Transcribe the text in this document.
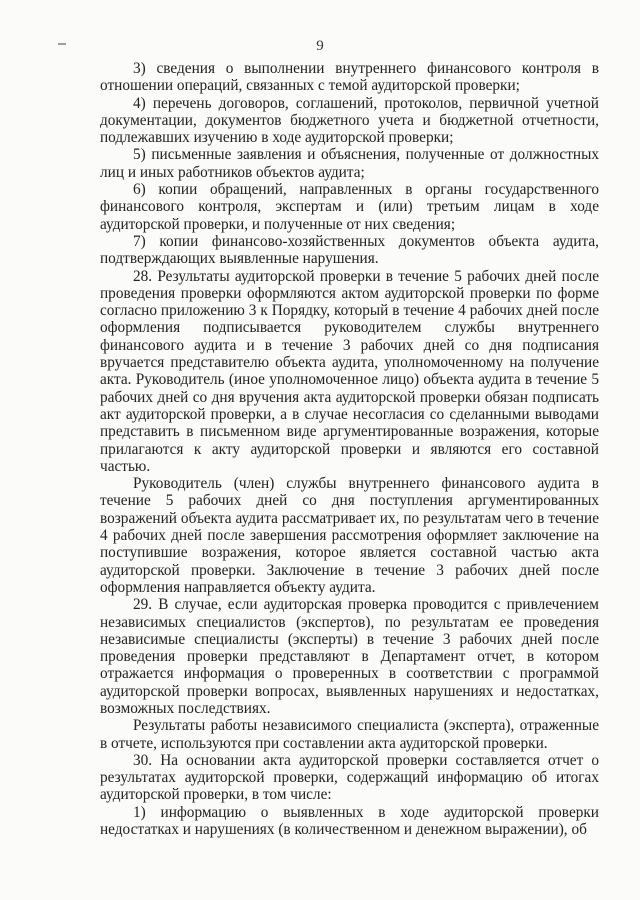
9

3) сведения о выполнении внутреннего финансового контроля в отношении операций, связанных с темой аудиторской проверки;

4) перечень договоров, соглашений, протоколов, первичной учетной документации, документов бюджетного учета и бюджетной отчетности, подлежавших изучению в ходе аудиторской проверки;

5) письменные заявления и объяснения, полученные от должностных лиц и иных работников объектов аудита;

6) копии обращений, направленных в органы государственного финансового контроля, экспертам и (или) третьим лицам в ходе аудиторской проверки, и полученные от них сведения;

7) копии финансово-хозяйственных документов объекта аудита, подтверждающих выявленные нарушения.

28. Результаты аудиторской проверки в течение 5 рабочих дней после проведения проверки оформляются актом аудиторской проверки по форме согласно приложению 3 к Порядку, который в течение 4 рабочих дней после оформления подписывается руководителем службы внутреннего финансового аудита и в течение 3 рабочих дней со дня подписания вручается представителю объекта аудита, уполномоченному на получение акта. Руководитель (иное уполномоченное лицо) объекта аудита в течение 5 рабочих дней со дня вручения акта аудиторской проверки обязан подписать акт аудиторской проверки, а в случае несогласия со сделанными выводами представить в письменном виде аргументированные возражения, которые прилагаются к акту аудиторской проверки и являются его составной частью.

Руководитель (член) службы внутреннего финансового аудита в течение 5 рабочих дней со дня поступления аргументированных возражений объекта аудита рассматривает их, по результатам чего в течение 4 рабочих дней после завершения рассмотрения оформляет заключение на поступившие возражения, которое является составной частью акта аудиторской проверки. Заключение в течение 3 рабочих дней после оформления направляется объекту аудита.

29. В случае, если аудиторская проверка проводится с привлечением независимых специалистов (экспертов), по результатам ее проведения независимые специалисты (эксперты) в течение 3 рабочих дней после проведения проверки представляют в Департамент отчет, в котором отражается информация о проверенных в соответствии с программой аудиторской проверки вопросах, выявленных нарушениях и недостатках, возможных последствиях.

Результаты работы независимого специалиста (эксперта), отраженные в отчете, используются при составлении акта аудиторской проверки.

30. На основании акта аудиторской проверки составляется отчет о результатах аудиторской проверки, содержащий информацию об итогах аудиторской проверки, в том числе:

1) информацию о выявленных в ходе аудиторской проверки недостатках и нарушениях (в количественном и денежном выражении), об
